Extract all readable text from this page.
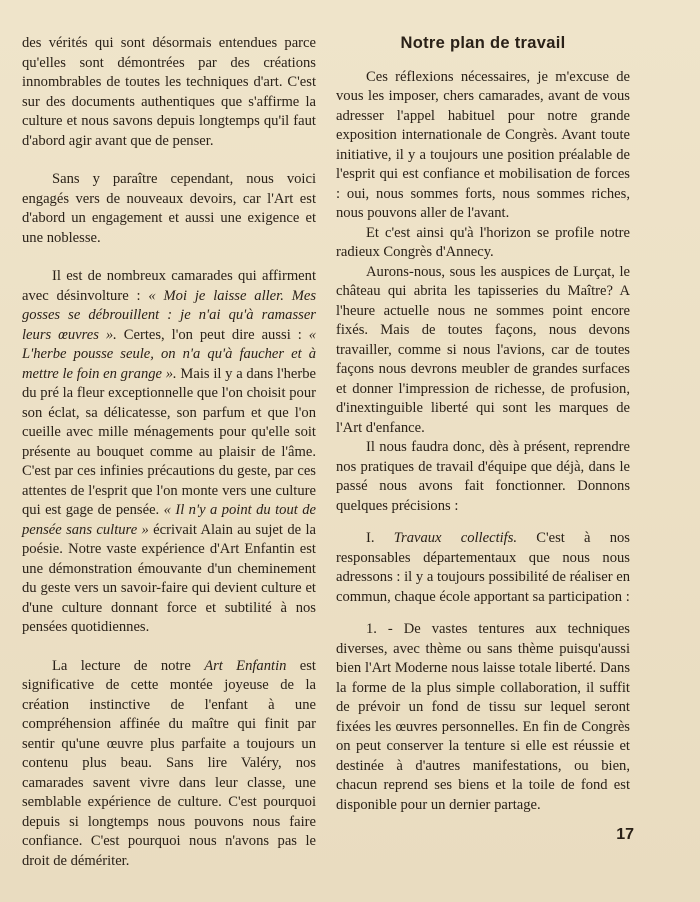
des vérités qui sont désormais entendues parce qu'elles sont démontrées par des créations innombrables de toutes les techniques d'art. C'est sur des documents authentiques que s'affirme la culture et nous savons depuis longtemps qu'il faut d'abord agir avant que de penser.

Sans y paraître cependant, nous voici engagés vers de nouveaux devoirs, car l'Art est d'abord un engagement et aussi une exigence et une noblesse.

Il est de nombreux camarades qui affirment avec désinvolture : « Moi je laisse aller. Mes gosses se débrouillent : je n'ai qu'à ramasser leurs œuvres ». Certes, l'on peut dire aussi : « L'herbe pousse seule, on n'a qu'à faucher et à mettre le foin en grange ». Mais il y a dans l'herbe du pré la fleur exceptionnelle que l'on choisit pour son éclat, sa délicatesse, son parfum et que l'on cueille avec mille ménagements pour qu'elle soit présente au bouquet comme au plaisir de l'âme. C'est par ces infinies précautions du geste, par ces attentes de l'esprit que l'on monte vers une culture qui est gage de pensée. « Il n'y a point du tout de pensée sans culture » écrivait Alain au sujet de la poésie. Notre vaste expérience d'Art Enfantin est une démonstration émouvante d'un cheminement du geste vers un savoir-faire qui devient culture et d'une culture donnant force et subtilité à nos pensées quotidiennes.

La lecture de notre Art Enfantin est significative de cette montée joyeuse de la création instinctive de l'enfant à une compréhension affinée du maître qui finit par sentir qu'une œuvre plus parfaite a toujours un contenu plus beau. Sans lire Valéry, nos camarades savent vivre dans leur classe, une semblable expérience de culture. C'est pourquoi depuis si longtemps nous pouvons nous faire confiance. C'est pourquoi nous n'avons pas le droit de démériter.

Notre plan de travail

Ces réflexions nécessaires, je m'excuse de vous les imposer, chers camarades, avant de vous adresser l'appel habituel pour notre grande exposition internationale de Congrès. Avant toute initiative, il y a toujours une position préalable de l'esprit qui est confiance et mobilisation de forces : oui, nous sommes forts, nous sommes riches, nous pouvons aller de l'avant.

Et c'est ainsi qu'à l'horizon se profile notre radieux Congrès d'Annecy.

Aurons-nous, sous les auspices de Lurçat, le château qui abrita les tapisseries du Maître? A l'heure actuelle nous ne sommes point encore fixés. Mais de toutes façons, nous devons travailler, comme si nous l'avions, car de toutes façons nous devrons meubler de grandes surfaces et donner l'impression de richesse, de profusion, d'inextinguible liberté qui sont les marques de l'Art d'enfance.

Il nous faudra donc, dès à présent, reprendre nos pratiques de travail d'équipe que déjà, dans le passé nous avons fait fonctionner. Donnons quelques précisions :

I. Travaux collectifs. C'est à nos responsables départementaux que nous nous adressons : il y a toujours possibilité de réaliser en commun, chaque école apportant sa participation :

1. - De vastes tentures aux techniques diverses, avec thème ou sans thème puisqu'aussi bien l'Art Moderne nous laisse totale liberté. Dans la forme de la plus simple collaboration, il suffit de prévoir un fond de tissu sur lequel seront fixées les œuvres personnelles. En fin de Congrès on peut conserver la tenture si elle est réussie et destinée à d'autres manifestations, ou bien, chacun reprend ses biens et la toile de fond est disponible pour un dernier partage.

17
